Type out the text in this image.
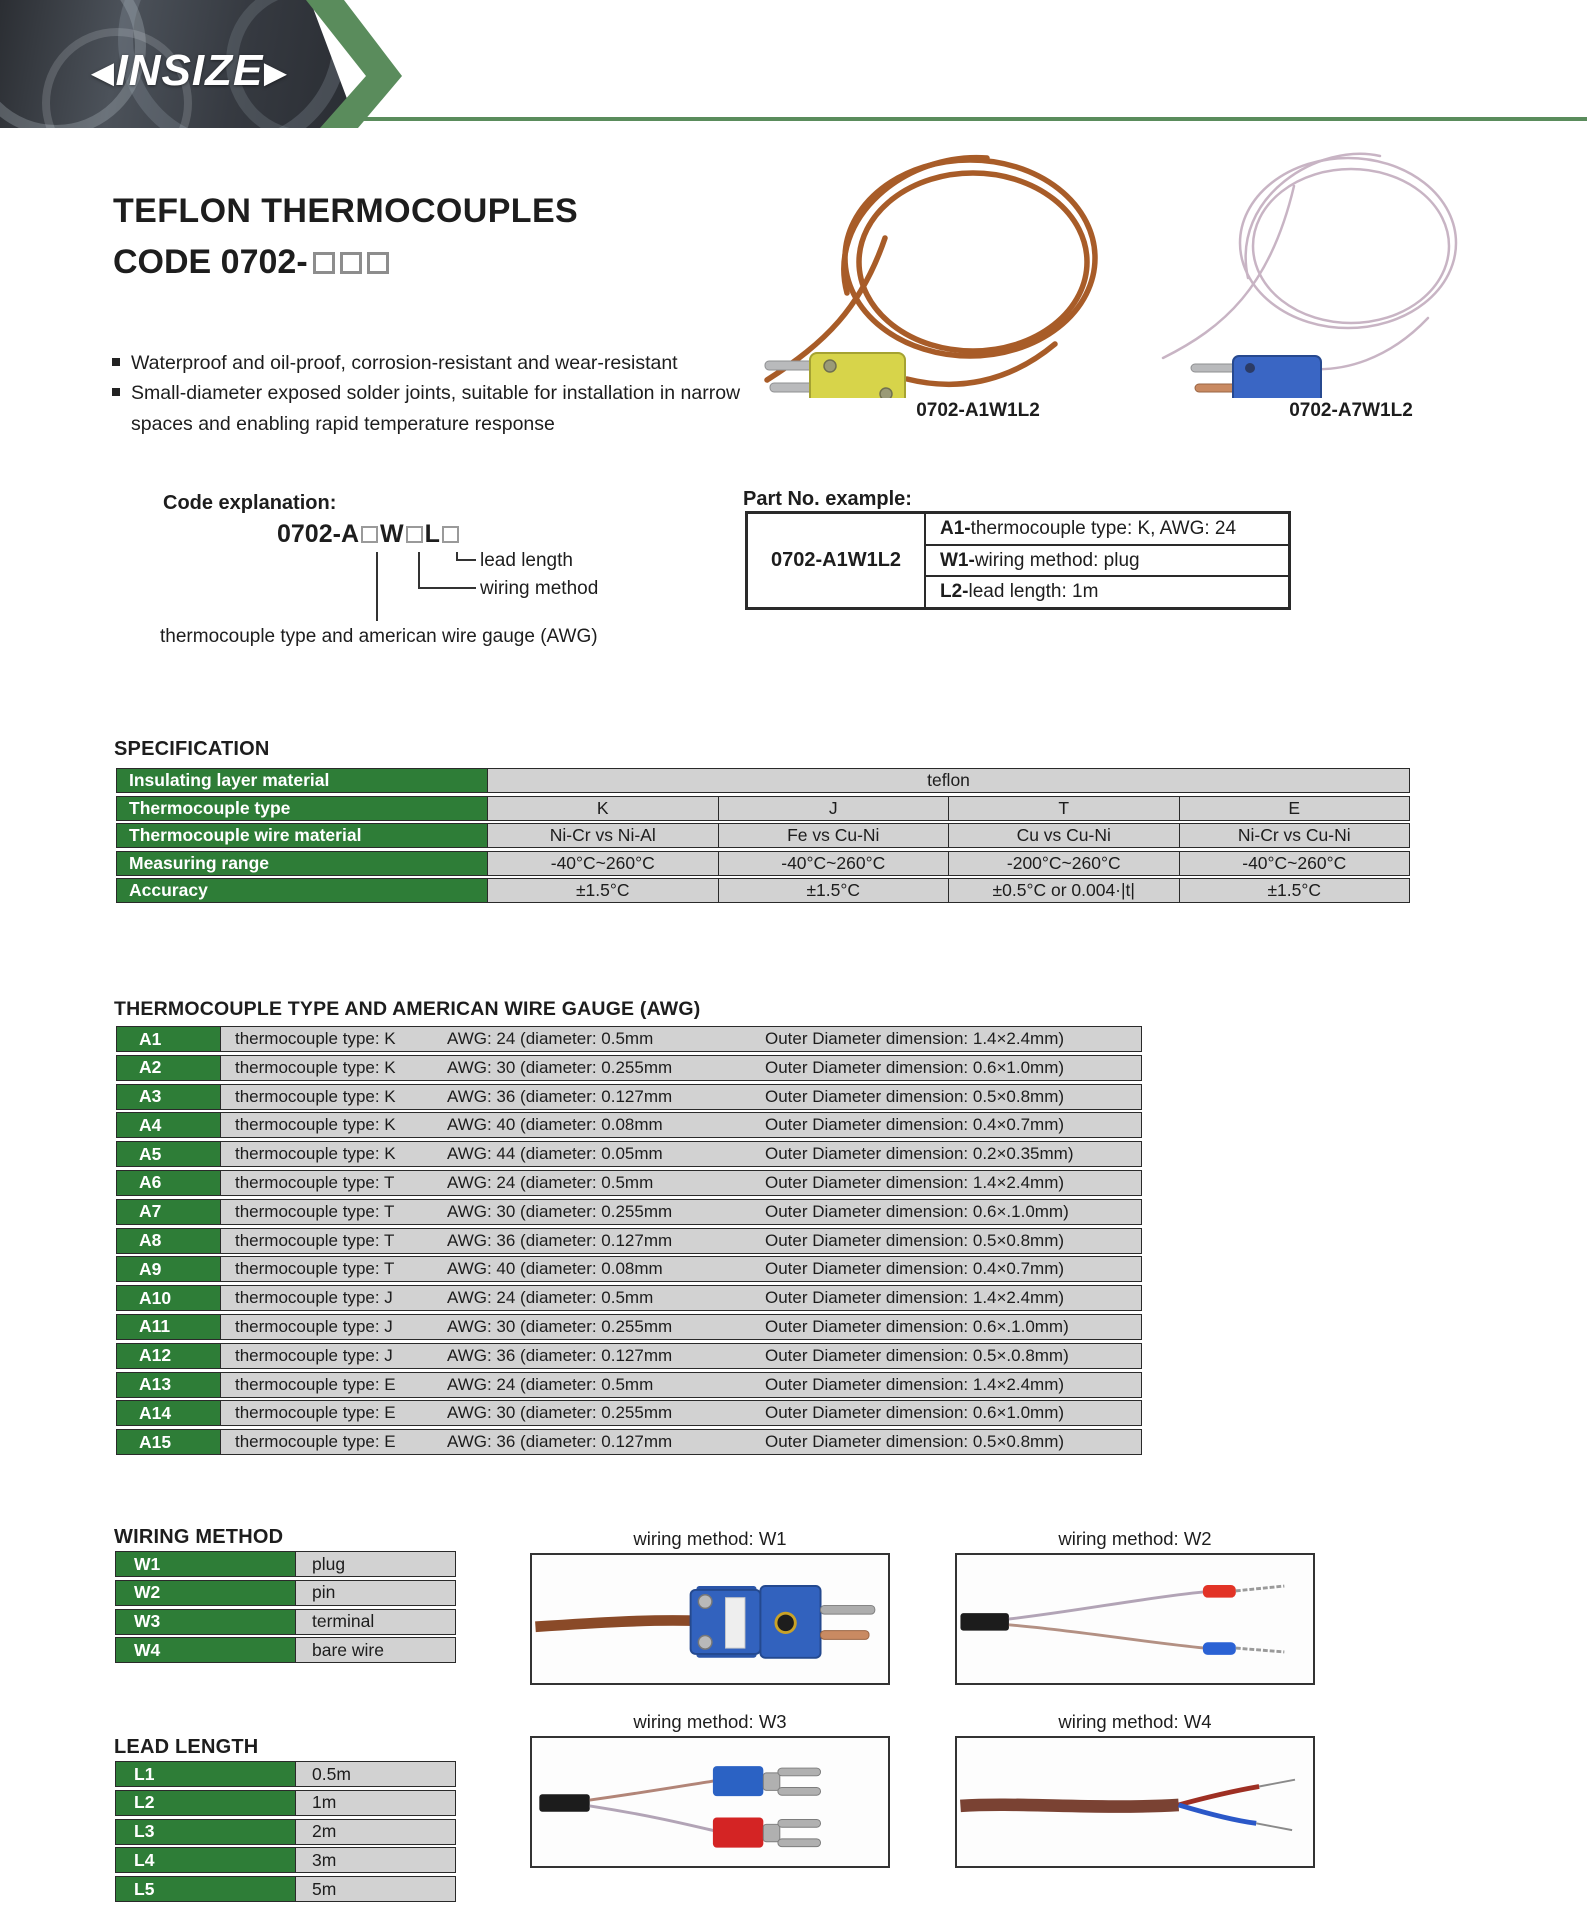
◀ INSIZE ▶
TEFLON THERMOCOUPLES
CODE 0702-
Waterproof and oil-proof, corrosion-resistant and wear-resistant
Small-diameter exposed solder joints, suitable for installation in narrow spaces and enabling rapid temperature response
0702-A1W1L2	0702-A7W1L2
Code explanation:
0702-A W L
lead length
wiring method
thermocouple type and american wire gauge (AWG)
Part No. example:
0702-A1W1L2
A1- thermocouple type: K, AWG: 24
W1- wiring method: plug
L2- lead length: 1m
SPECIFICATION
Insulating layer material	teflon
Thermocouple type	K	J	T	E
Thermocouple wire material	Ni-Cr vs Ni-Al	Fe vs Cu-Ni	Cu vs Cu-Ni	Ni-Cr vs Cu-Ni
Measuring range	-40°C~260°C	-40°C~260°C	-200°C~260°C	-40°C~260°C
Accuracy	±1.5°C	±1.5°C	±0.5°C or 0.004·|t|	±1.5°C
THERMOCOUPLE TYPE AND AMERICAN WIRE GAUGE (AWG)
A1	thermocouple type: K	AWG: 24 (diameter: 0.5mm	Outer Diameter dimension: 1.4×2.4mm)
A2	thermocouple type: K	AWG: 30 (diameter: 0.255mm	Outer Diameter dimension: 0.6×1.0mm)
A3	thermocouple type: K	AWG: 36 (diameter: 0.127mm	Outer Diameter dimension: 0.5×0.8mm)
A4	thermocouple type: K	AWG: 40 (diameter: 0.08mm	Outer Diameter dimension: 0.4×0.7mm)
A5	thermocouple type: K	AWG: 44 (diameter: 0.05mm	Outer Diameter dimension: 0.2×0.35mm)
A6	thermocouple type: T	AWG: 24 (diameter: 0.5mm	Outer Diameter dimension: 1.4×2.4mm)
A7	thermocouple type: T	AWG: 30 (diameter: 0.255mm	Outer Diameter dimension: 0.6×.1.0mm)
A8	thermocouple type: T	AWG: 36 (diameter: 0.127mm	Outer Diameter dimension: 0.5×0.8mm)
A9	thermocouple type: T	AWG: 40 (diameter: 0.08mm	Outer Diameter dimension: 0.4×0.7mm)
A10	thermocouple type: J	AWG: 24 (diameter: 0.5mm	Outer Diameter dimension: 1.4×2.4mm)
A11	thermocouple type: J	AWG: 30 (diameter: 0.255mm	Outer Diameter dimension: 0.6×.1.0mm)
A12	thermocouple type: J	AWG: 36 (diameter: 0.127mm	Outer Diameter dimension: 0.5×.0.8mm)
A13	thermocouple type: E	AWG: 24 (diameter: 0.5mm	Outer Diameter dimension: 1.4×2.4mm)
A14	thermocouple type: E	AWG: 30 (diameter: 0.255mm	Outer Diameter dimension: 0.6×1.0mm)
A15	thermocouple type: E	AWG: 36 (diameter: 0.127mm	Outer Diameter dimension: 0.5×0.8mm)
WIRING METHOD
W1	plug
W2	pin
W3	terminal
W4	bare wire
wiring method: W1	wiring method: W2
wiring method: W3	wiring method: W4
LEAD LENGTH
L1	0.5m
L2	1m
L3	2m
L4	3m
L5	5m
